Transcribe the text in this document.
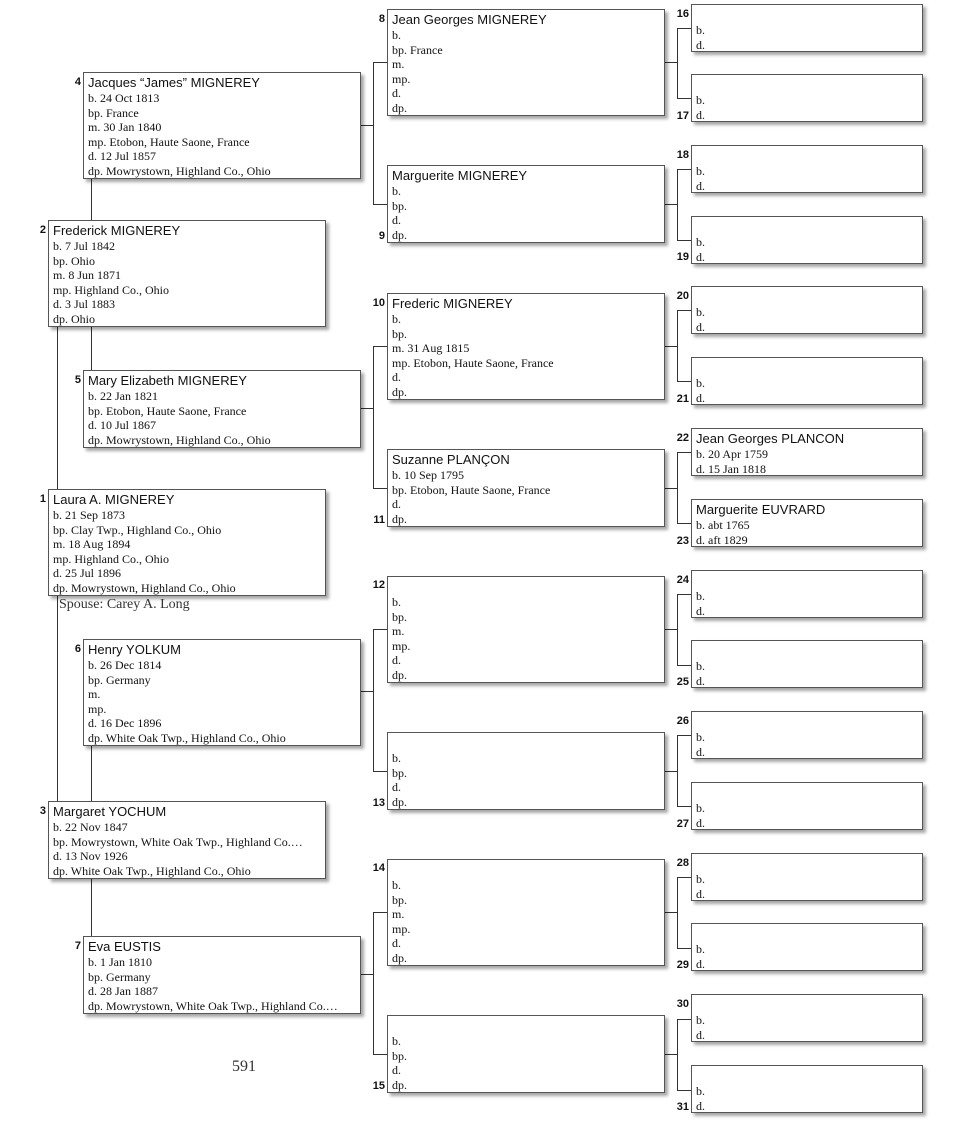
1 Laura A. MIGNEREY
b. 21 Sep 1873
bp. Clay Twp., Highland Co., Ohio
m. 18 Aug 1894
mp. Highland Co., Ohio
d. 25 Jul 1896
dp. Mowrystown, Highland Co., Ohio
Spouse: Carey A. Long
2 Frederick MIGNEREY
b. 7 Jul 1842
bp. Ohio
m. 8 Jun 1871
mp. Highland Co., Ohio
d. 3 Jul 1883
dp. Ohio
3 Margaret YOCHUM
b. 22 Nov 1847
bp. Mowrystown, White Oak Twp., Highland Co.…
d. 13 Nov 1926
dp. White Oak Twp., Highland Co., Ohio
4 Jacques “James” MIGNEREY
b. 24 Oct 1813
bp. France
m. 30 Jan 1840
mp. Etobon, Haute Saone, France
d. 12 Jul 1857
dp. Mowrystown, Highland Co., Ohio
5 Mary Elizabeth MIGNEREY
b. 22 Jan 1821
bp. Etobon, Haute Saone, France
d. 10 Jul 1867
dp. Mowrystown, Highland Co., Ohio
6 Henry YOLKUM
b. 26 Dec 1814
bp. Germany
m.
mp.
d. 16 Dec 1896
dp. White Oak Twp., Highland Co., Ohio
7 Eva EUSTIS
b. 1 Jan 1810
bp. Germany
d. 28 Jan 1887
dp. Mowrystown, White Oak Twp., Highland Co.…
8 Jean Georges MIGNEREY
b.
bp. France
m.
mp.
d.
dp.
9
Marguerite MIGNEREY
b.
bp.
d.
dp.
10 Frederic MIGNEREY
b.
bp.
m. 31 Aug 1815
mp. Etobon, Haute Saone, France
d.
dp.
11
Suzanne PLANÇON
b. 10 Sep 1795
bp. Etobon, Haute Saone, France
d.
dp.
12

b.
bp.
m.
mp.
d.
dp.
13

b.
bp.
d.
dp.
14

b.
bp.
m.
mp.
d.
dp.
15

b.
bp.
d.
dp.
16

b.
d.
17

b.
d.
18

b.
d.
19

b.
d.
20

b.
d.
21

b.
d.
22 Jean Georges PLANCON
b. 20 Apr 1759
d. 15 Jan 1818
23
Marguerite EUVRARD
b. abt 1765
d. aft 1829
24

b.
d.
25

b.
d.
26

b.
d.
27

b.
d.
28

b.
d.
29

b.
d.
30

b.
d.
31

b.
d.
591
